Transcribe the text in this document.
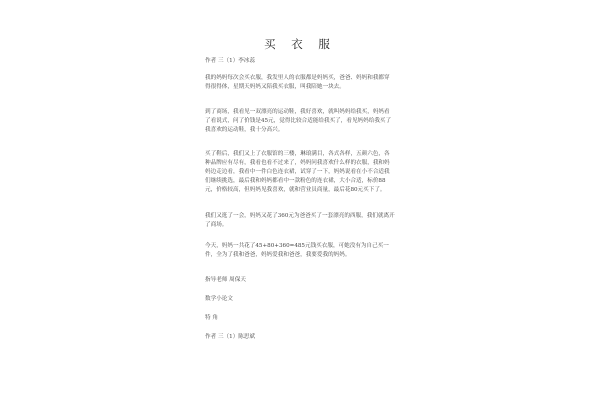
买 衣 服
作者 三（1）李冰蕊
我的妈妈每次会买衣服，我发里人的衣服都是妈妈买，爸爸、妈妈和我都穿得很得体，星期天妈妈又陪我买衣服，叫我陪她一块去。
到了商场，我看见一双漂亮的运动鞋，我好喜欢，就叫妈妈给我买，妈妈看了看说式，问了价钱是45元，觉得比较合适能给我买了，看见妈妈给我买了我喜欢的运动鞋，我十分高兴。
买了鞋后，我们又上了衣服馆的三楼，琳琅满目，各式各样，五颜六色，各种品牌应有尽有，我看也看不过来了，妈妈问我喜欢什么样的衣服，我和妈妈边走边看，我看中一件白色连衣裙，试穿了一下，妈妈说看在小不合适我们继续挑选，最后我和妈妈都看中一款粉色的连衣裙，大小合适，标价88元，价格较高，但妈妈见我喜欢，就和营业员商量，最后花80元买下了。
我们又逛了一会，妈妈又花了360元为爸爸买了一套漂亮的西服，我们就离开了商场。
今天，妈妈一共花了45+80+360=485元钱买衣服，可她没有为自己买一件，全为了我和爸爸，妈妈爱我和爸爸，我要爱我的妈妈。
指导老师 周保天
数学小论文
特 角
作者 三（1）陈思斌
